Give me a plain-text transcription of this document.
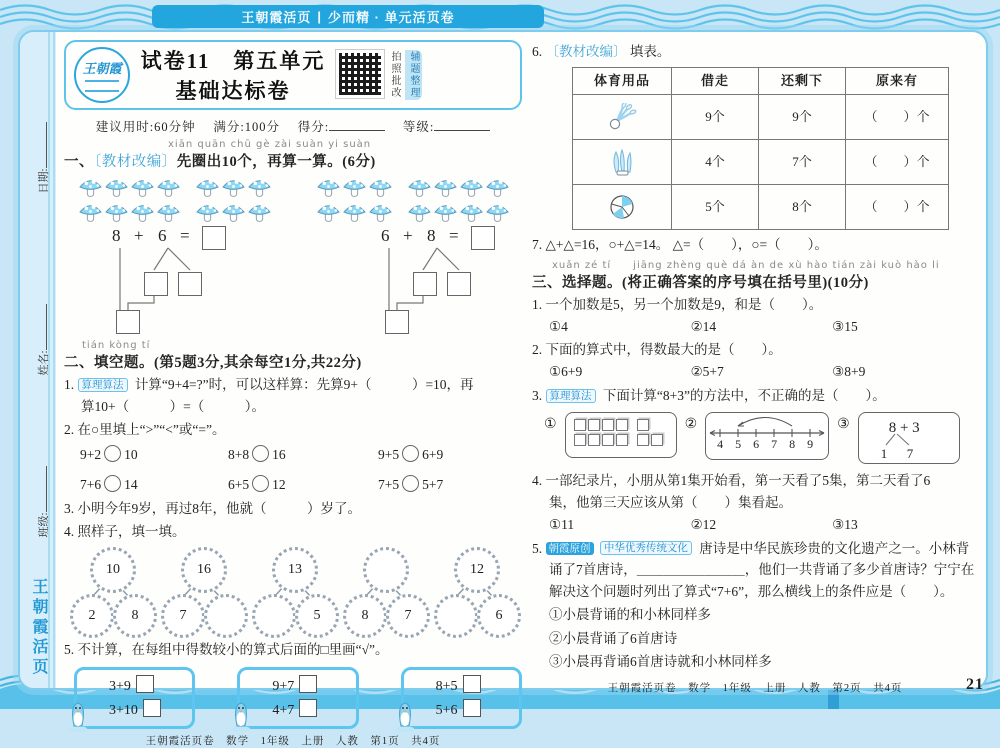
王朝霞活页 | 少而精 · 单元活页卷
日期:
姓名:
班级:
王朝霞活页
王朝霞 试卷11　第五单元基础达标卷	拍照批改 辅题整理
建议用时:60分钟　 满分:100分　 得分:　	等级:
xiān quān chū gè zài suàn yi suàn
一、〔教材改编〕先圈出10个，再算一算。(6分)
8 + 6 =	6 + 8 =
tián kòng tí
二、填空题。(第5题3分,其余每空1分,共22分)
1. 算理算法 计算“9+4=?”时，可以这样算：先算9+（　　　）=10，再
算10+（　　　）=（　　　）。
2. 在○里填上“>”“<”或“=”。
9+2 10	8+8 16	9+5 6+9
7+6 14	6+5 12	7+5 5+7
3. 小明今年9岁，再过8年，他就（　　　）岁了。
4. 照样子，填一填。
10
2	8
16
7
13
5	8	7
12
6
5. 不计算，在每组中得数较小的算式后面的□里画“√”。
3+9
3+10
9+7
4+7
8+5
5+6
王朝霞活页卷　数学　1年级　上册　人教　第1页　共4页
6. 〔教材改编〕 填表。
体育用品	借走	还剩下	原来有

	9个	9个	（　　）个

	4个	7个	（　　）个

	5个	8个	（　　）个
7. △+△=16，○+△=14。 △=（　　），○=（　　）。
xuǎn zé tí　　jiāng zhèng què dá àn de xù hào tián zài kuò hào li
三、选择题。(将正确答案的序号填在括号里)(10分)
1. 一个加数是5，另一个加数是9，和是（　　）。
①4	②14	③15
2. 下面的算式中，得数最大的是（　　）。
①6+9	②5+7	③8+9
3. 算理算法 下面计算“8+3”的方法中，不正确的是（　　）。
①	②
4	5	6	7	8	9
③	8 + 3
1 7
4. 一部纪录片，小朋从第1集开始看，第一天看了5集，第二天看了6
集，他第三天应该从第（　　）集看起。
①11	②12	③13
5. 朝霞原创 中华优秀传统文化 唐诗是中华民族珍贵的文化遗产之一。小林背
诵了7首唐诗，＿＿＿＿＿＿＿＿，他们一共背诵了多少首唐诗？宁宁在
解决这个问题时列出了算式“7+6”，那么横线上的条件应是（　　）。
①小晨背诵的和小林同样多
②小晨背诵了6首唐诗
③小晨再背诵6首唐诗就和小林同样多
王朝霞活页卷　数学　1年级　上册　人教　第2页　共4页	21
